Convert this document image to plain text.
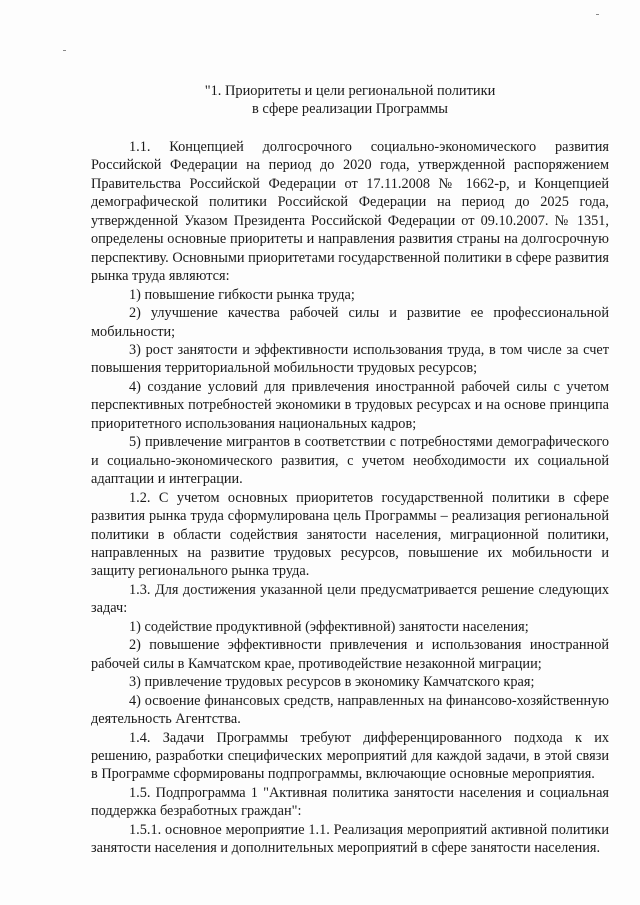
"1. Приоритеты и цели региональной политики
в сфере реализации Программы

1.1. Концепцией долгосрочного социально-экономического развития Российской Федерации на период до 2020 года, утвержденной распоряжением Правительства Российской Федерации от 17.11.2008 № 1662-р, и Концепцией демографической политики Российской Федерации на период до 2025 года, утвержденной Указом Президента Российской Федерации от 09.10.2007. № 1351, определены основные приоритеты и направления развития страны на долгосрочную перспективу. Основными приоритетами государственной политики в сфере развития рынка труда являются:

1) повышение гибкости рынка труда;

2) улучшение качества рабочей силы и развитие ее профессиональной мобильности;

3) рост занятости и эффективности использования труда, в том числе за счет повышения территориальной мобильности трудовых ресурсов;

4) создание условий для привлечения иностранной рабочей силы с учетом перспективных потребностей экономики в трудовых ресурсах и на основе принципа приоритетного использования национальных кадров;

5) привлечение мигрантов в соответствии с потребностями демографического и социально-экономического развития, с учетом необходимости их социальной адаптации и интеграции.

1.2. С учетом основных приоритетов государственной политики в сфере развития рынка труда сформулирована цель Программы – реализация региональной политики в области содействия занятости населения, миграционной политики, направленных на развитие трудовых ресурсов, повышение их мобильности и защиту регионального рынка труда.

1.3. Для достижения указанной цели предусматривается решение следующих задач:

1) содействие продуктивной (эффективной) занятости населения;

2) повышение эффективности привлечения и использования иностранной рабочей силы в Камчатском крае, противодействие незаконной миграции;

3) привлечение трудовых ресурсов в экономику Камчатского края;

4) освоение финансовых средств, направленных на финансово-хозяйственную деятельность Агентства.

1.4. Задачи Программы требуют дифференцированного подхода к их решению, разработки специфических мероприятий для каждой задачи, в этой связи в Программе сформированы подпрограммы, включающие основные мероприятия.

1.5. Подпрограмма 1 "Активная политика занятости населения и социальная поддержка безработных граждан":

1.5.1. основное мероприятие 1.1. Реализация мероприятий активной политики занятости населения и дополнительных мероприятий в сфере занятости населения.
